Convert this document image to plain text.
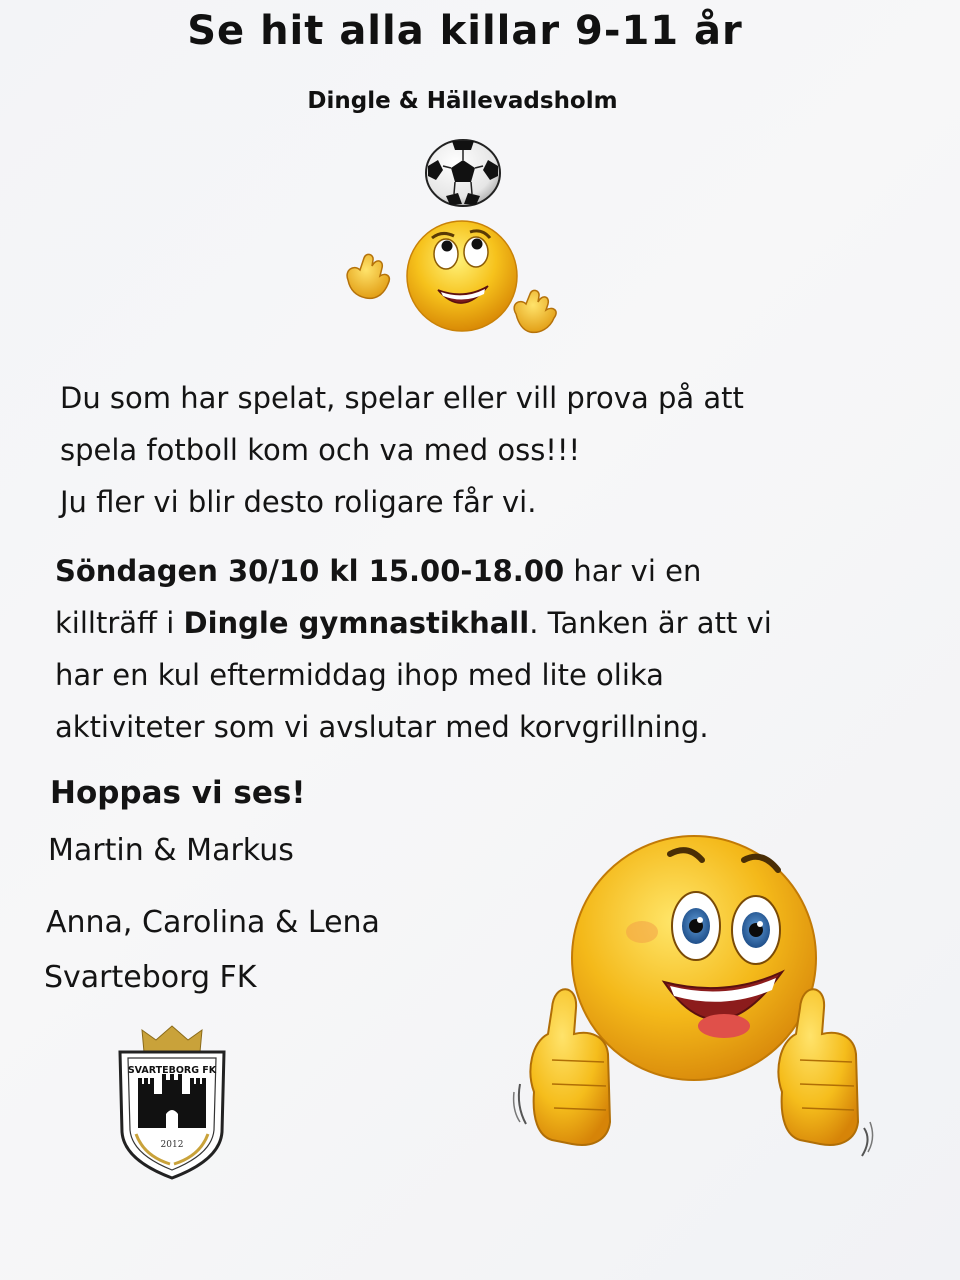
Se hit alla killar 9-11 år
Dingle & Hällevadsholm
Du som har spelat, spelar eller vill prova på att
spela fotboll kom och va med oss!!!
Ju fler vi blir desto roligare får vi.
Söndagen 30/10 kl 15.00-18.00 har vi en
killträff i Dingle gymnastikhall. Tanken är att vi
har en kul eftermiddag ihop med lite olika
aktiviteter som vi avslutar med korvgrillning.
Hoppas vi ses!
Martin & Markus
Anna, Carolina & Lena
Svarteborg FK
SVARTEBORG FK
2012
